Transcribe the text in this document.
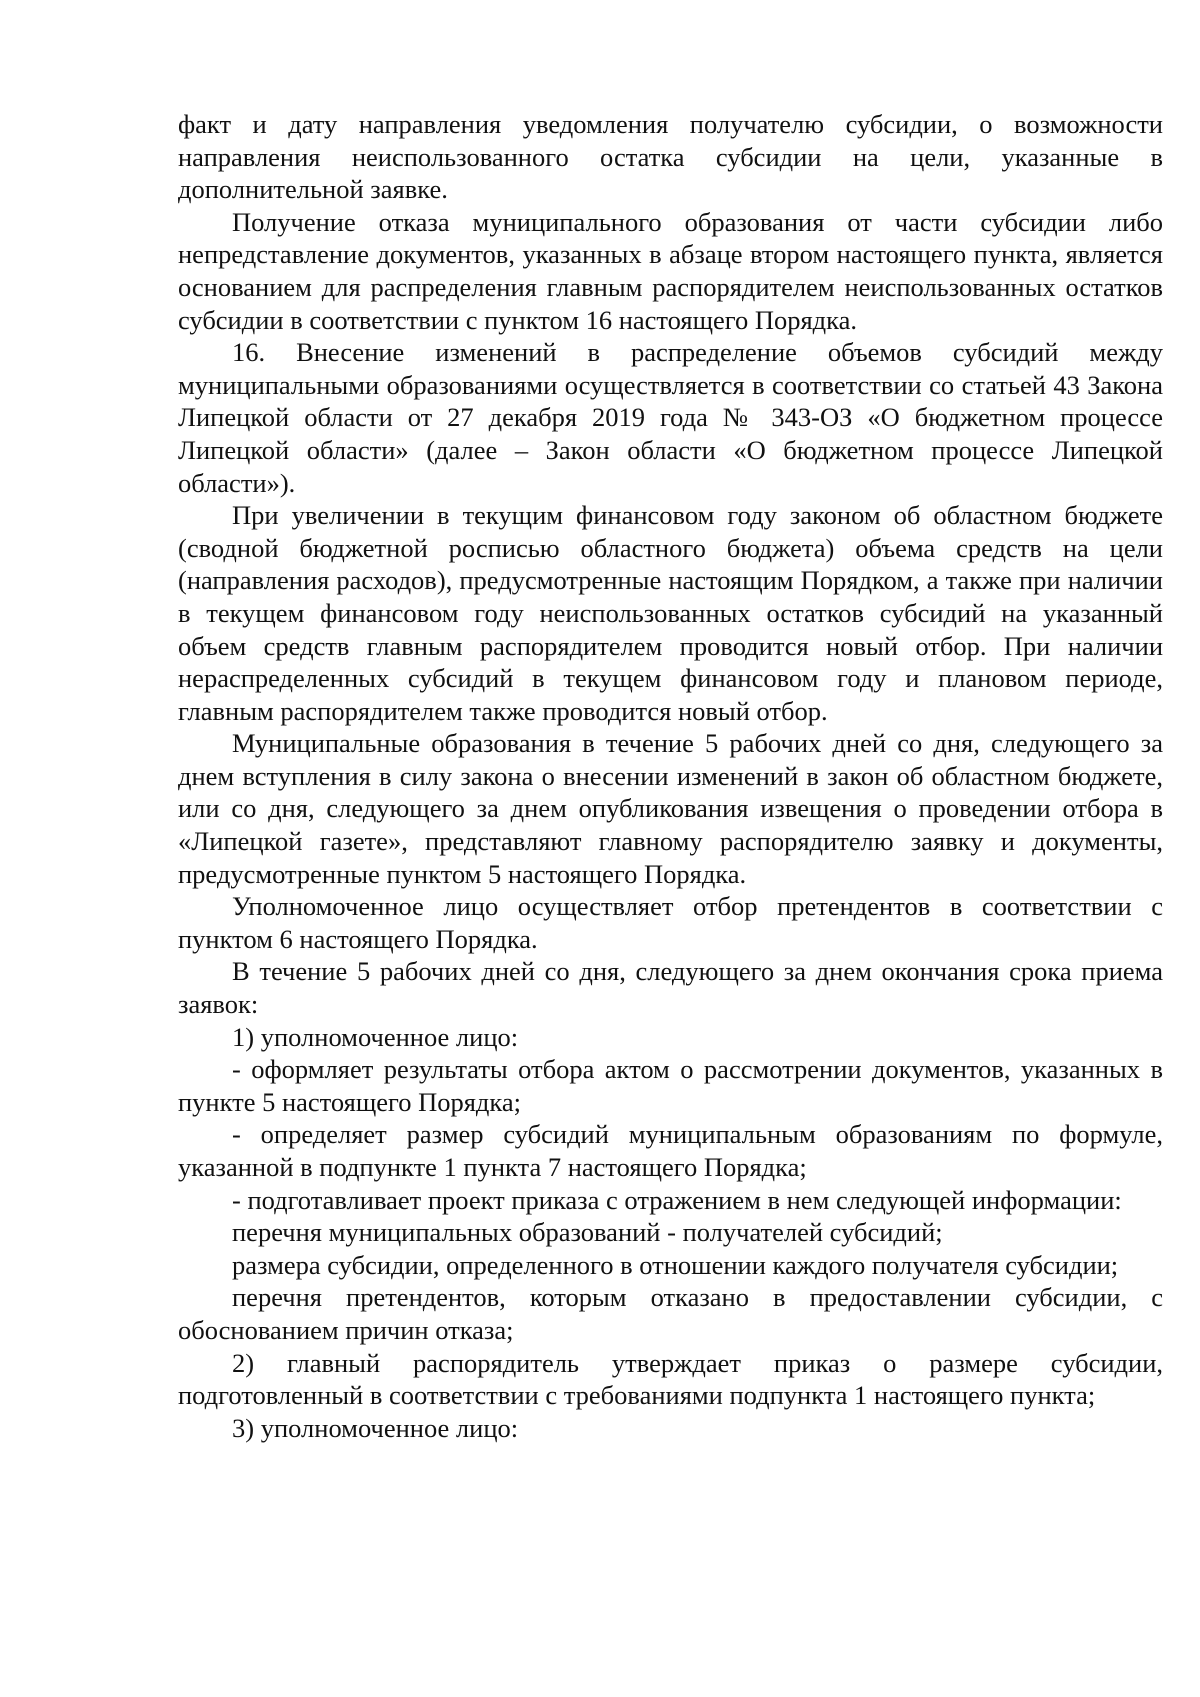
факт и дату направления уведомления получателю субсидии, о возможности направления неиспользованного остатка субсидии на цели, указанные в дополнительной заявке.

Получение отказа муниципального образования от части субсидии либо непредставление документов, указанных в абзаце втором настоящего пункта, является основанием для распределения главным распорядителем неиспользованных остатков субсидии в соответствии с пунктом 16 настоящего Порядка.

16. Внесение изменений в распределение объемов субсидий между муниципальными образованиями осуществляется в соответствии со статьей 43 Закона Липецкой области от 27 декабря 2019 года № 343-ОЗ «О бюджетном процессе Липецкой области» (далее – Закон области «О бюджетном процессе Липецкой области»).

При увеличении в текущим финансовом году законом об областном бюджете (сводной бюджетной росписью областного бюджета) объема средств на цели (направления расходов), предусмотренные настоящим Порядком, а также при наличии в текущем финансовом году неиспользованных остатков субсидий на указанный объем средств главным распорядителем проводится новый отбор. При наличии нераспределенных субсидий в текущем финансовом году и плановом периоде, главным распорядителем также проводится новый отбор.

Муниципальные образования в течение 5 рабочих дней со дня, следующего за днем вступления в силу закона о внесении изменений в закон об областном бюджете, или со дня, следующего за днем опубликования извещения о проведении отбора в «Липецкой газете», представляют главному распорядителю заявку и документы, предусмотренные пунктом 5 настоящего Порядка.

Уполномоченное лицо осуществляет отбор претендентов в соответствии с пунктом 6 настоящего Порядка.

В течение 5 рабочих дней со дня, следующего за днем окончания срока приема заявок:

1) уполномоченное лицо:

- оформляет результаты отбора актом о рассмотрении документов, указанных в пункте 5 настоящего Порядка;

- определяет размер субсидий муниципальным образованиям по формуле, указанной в подпункте 1 пункта 7 настоящего Порядка;

- подготавливает проект приказа с отражением в нем следующей информации:

перечня муниципальных образований - получателей субсидий;

размера субсидии, определенного в отношении каждого получателя субсидии;

перечня претендентов, которым отказано в предоставлении субсидии, с обоснованием причин отказа;

2) главный распорядитель утверждает приказ о размере субсидии, подготовленный в соответствии с требованиями подпункта 1 настоящего пункта;

3) уполномоченное лицо:
